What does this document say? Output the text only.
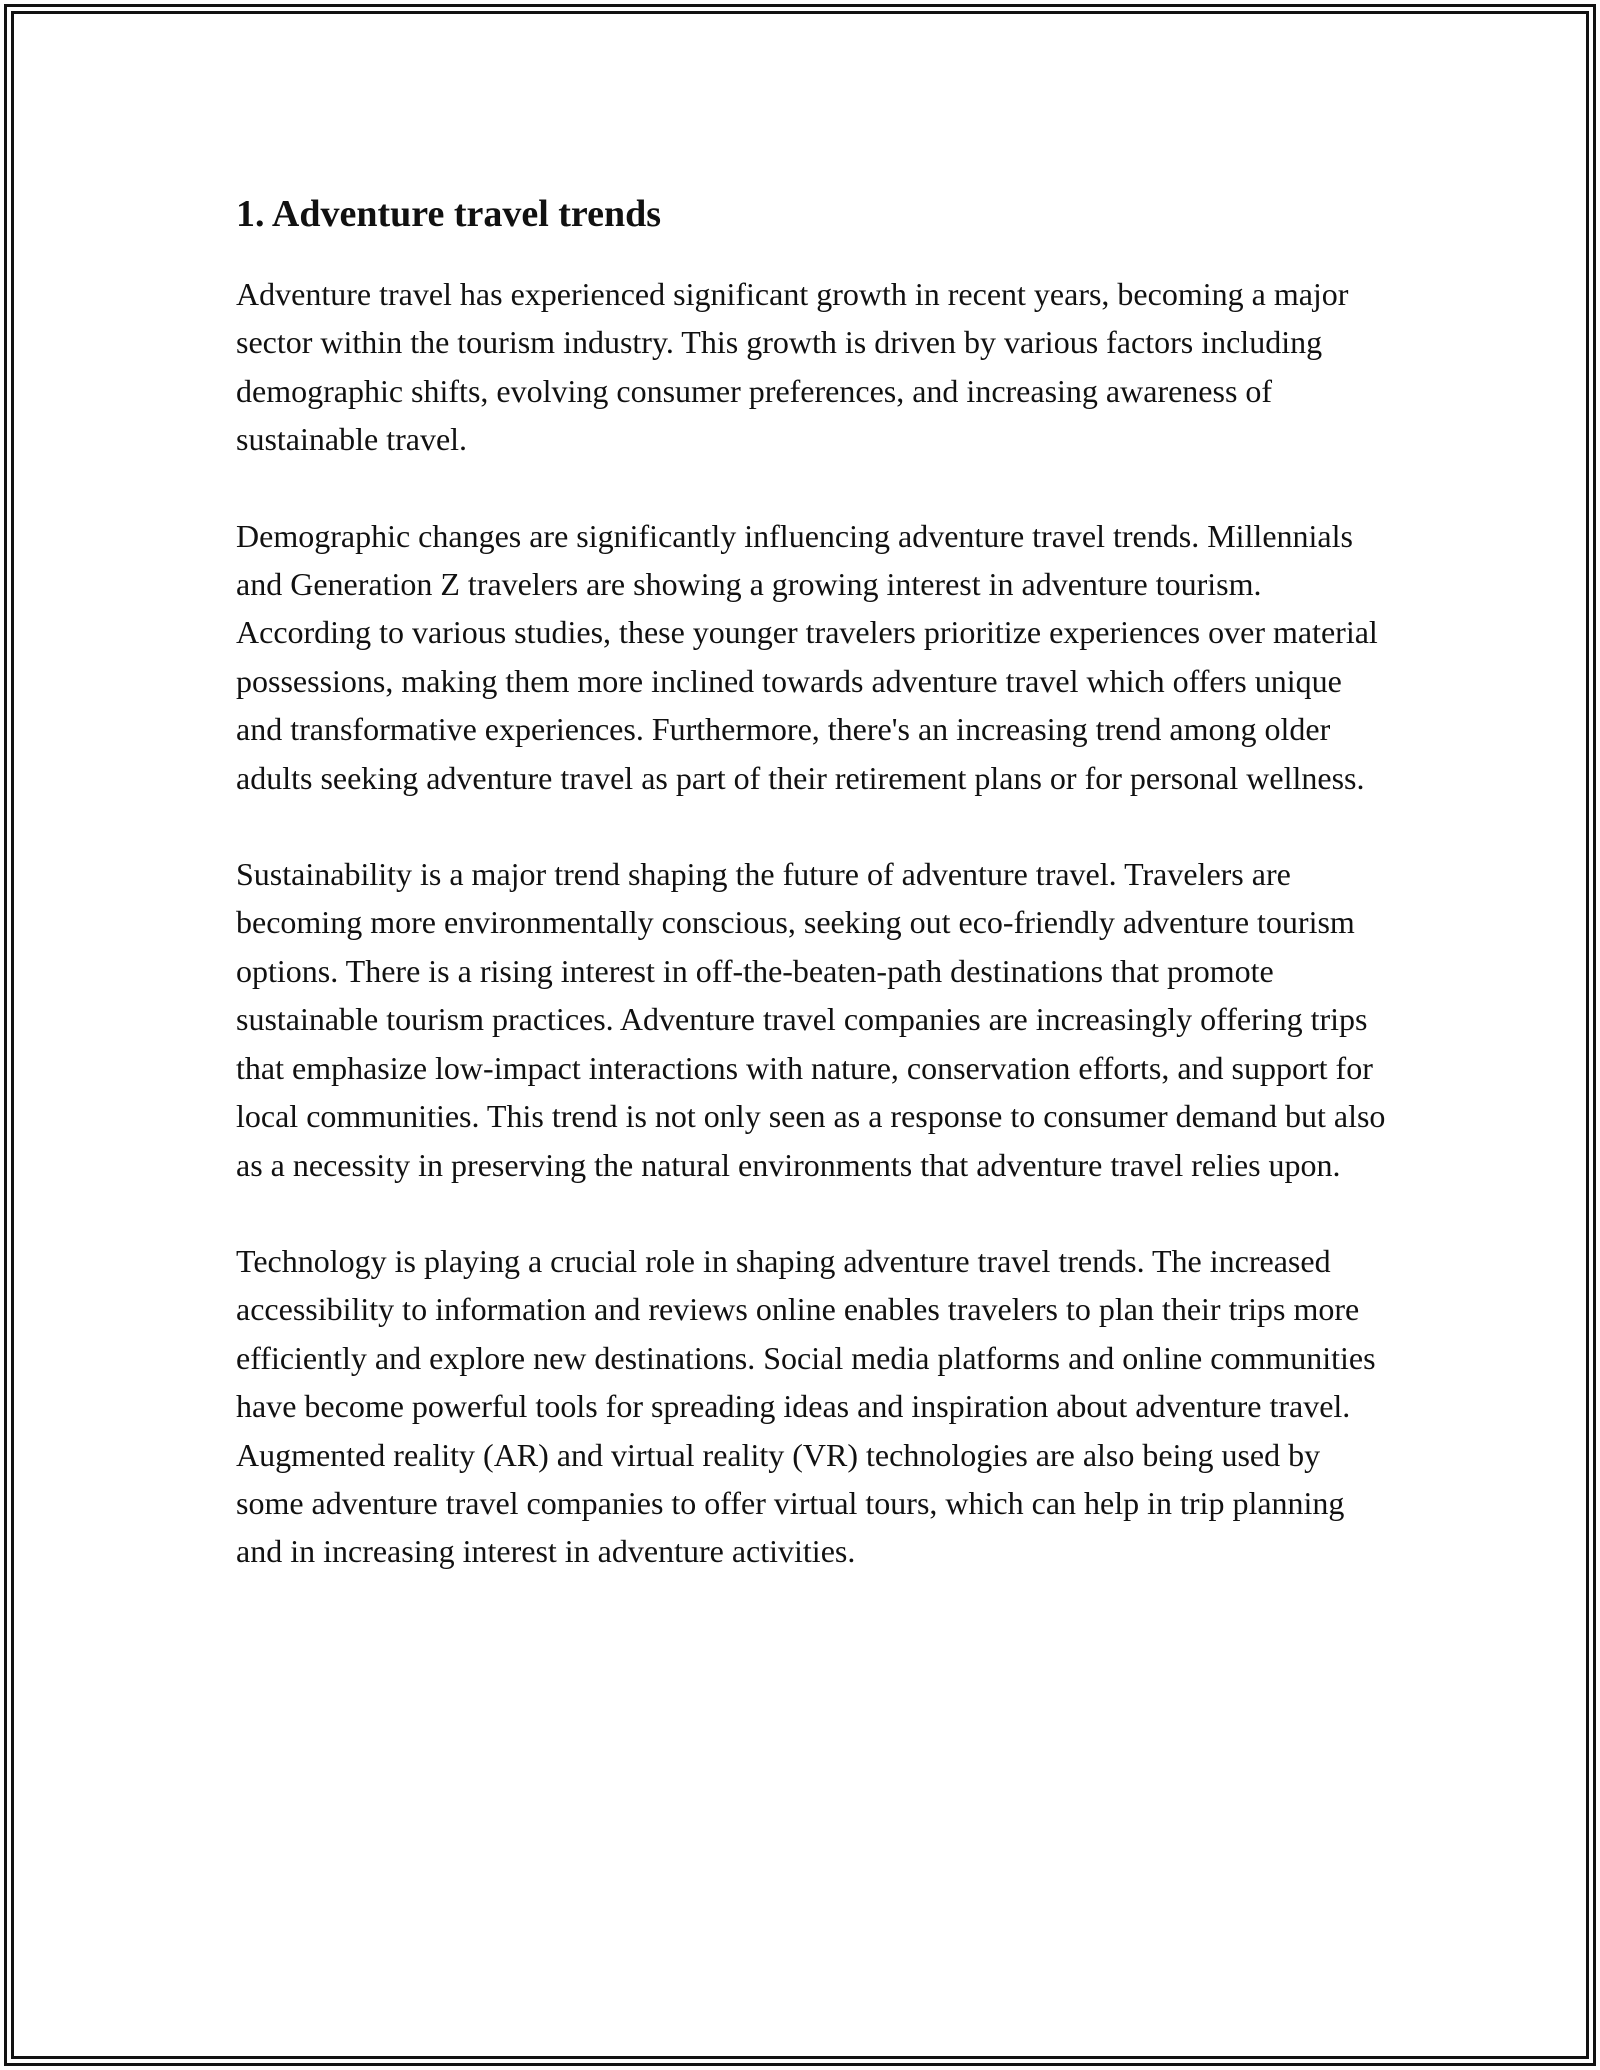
1. Adventure travel trends

Adventure travel has experienced significant growth in recent years, becoming a major sector within the tourism industry. This growth is driven by various factors including demographic shifts, evolving consumer preferences, and increasing awareness of sustainable travel.

Demographic changes are significantly influencing adventure travel trends. Millennials and Generation Z travelers are showing a growing interest in adventure tourism. According to various studies, these younger travelers prioritize experiences over material possessions, making them more inclined towards adventure travel which offers unique and transformative experiences. Furthermore, there's an increasing trend among older adults seeking adventure travel as part of their retirement plans or for personal wellness.

Sustainability is a major trend shaping the future of adventure travel. Travelers are becoming more environmentally conscious, seeking out eco-friendly adventure tourism options. There is a rising interest in off-the-beaten-path destinations that promote sustainable tourism practices. Adventure travel companies are increasingly offering trips that emphasize low-impact interactions with nature, conservation efforts, and support for local communities. This trend is not only seen as a response to consumer demand but also as a necessity in preserving the natural environments that adventure travel relies upon.

Technology is playing a crucial role in shaping adventure travel trends. The increased accessibility to information and reviews online enables travelers to plan their trips more efficiently and explore new destinations. Social media platforms and online communities have become powerful tools for spreading ideas and inspiration about adventure travel. Augmented reality (AR) and virtual reality (VR) technologies are also being used by some adventure travel companies to offer virtual tours, which can help in trip planning and in increasing interest in adventure activities.
